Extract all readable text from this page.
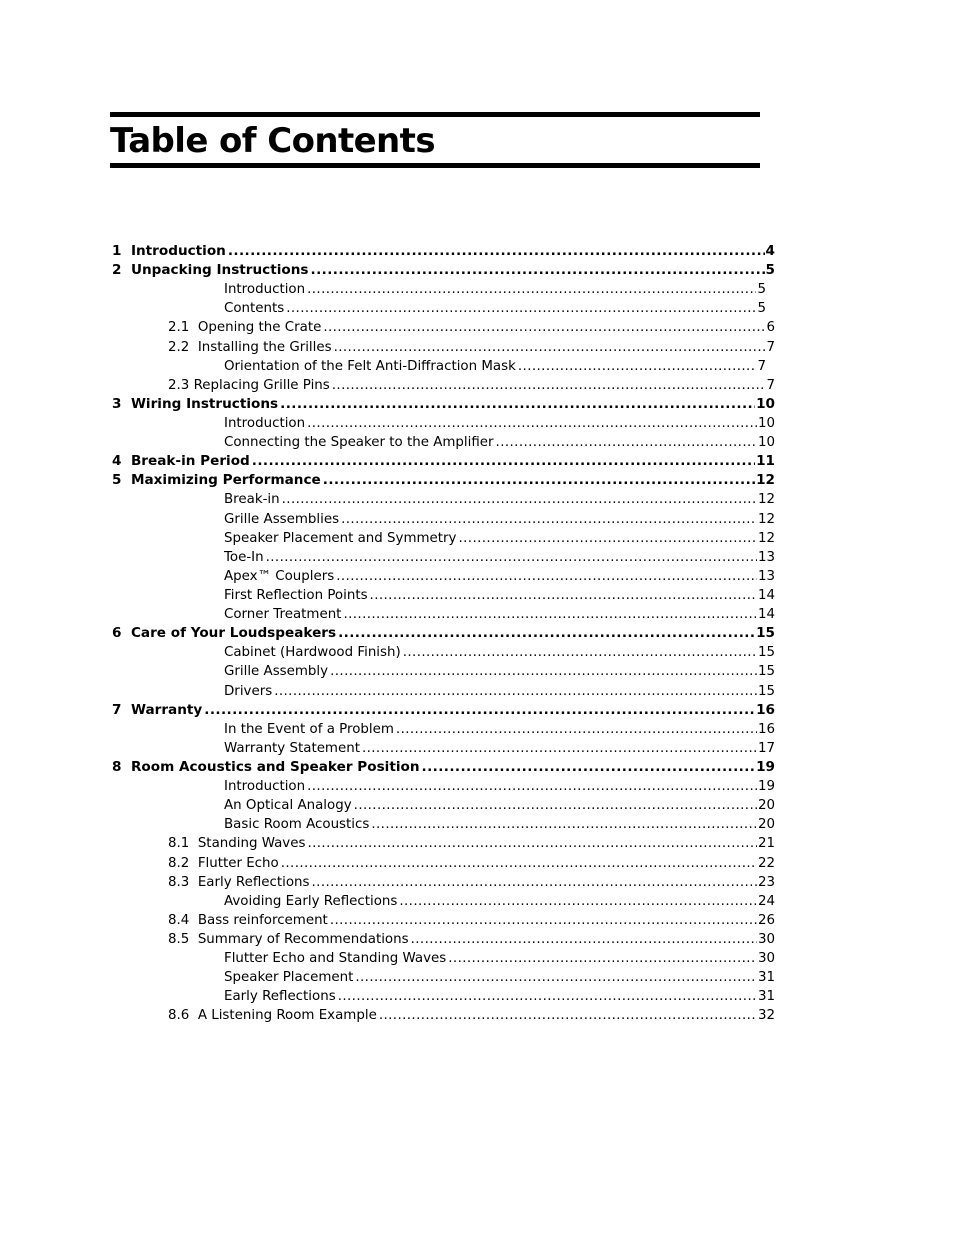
Table of Contents
1 Introduction .....	4
2 Unpacking Instructions .....	5
Introduction .....	5
Contents .....	5
2.1 Opening the Crate .....	6
2.2 Installing the Grilles .....	7
Orientation of the Felt Anti-Diffraction Mask .....	7
2.3 Replacing Grille Pins .....	7
3 Wiring Instructions .....	10
Introduction .....	10
Connecting the Speaker to the Amplifier .....	10
4 Break-in Period .....	11
5 Maximizing Performance .....	12
Break-in .....	12
Grille Assemblies .....	12
Speaker Placement and Symmetry .....	12
Toe-In .....	13
Apex™ Couplers .....	13
First Reflection Points .....	14
Corner Treatment .....	14
6 Care of Your Loudspeakers .....	15
Cabinet (Hardwood Finish) .....	15
Grille Assembly .....	15
Drivers .....	15
7 Warranty .....	16
In the Event of a Problem .....	16
Warranty Statement .....	17
8 Room Acoustics and Speaker Position .....	19
Introduction .....	19
An Optical Analogy .....	20
Basic Room Acoustics .....	20
8.1 Standing Waves .....	21
8.2 Flutter Echo .....	22
8.3 Early Reflections .....	23
Avoiding Early Reflections .....	24
8.4 Bass reinforcement .....	26
8.5 Summary of Recommendations .....	30
Flutter Echo and Standing Waves .....	30
Speaker Placement .....	31
Early Reflections .....	31
8.6 A Listening Room Example .....	32
